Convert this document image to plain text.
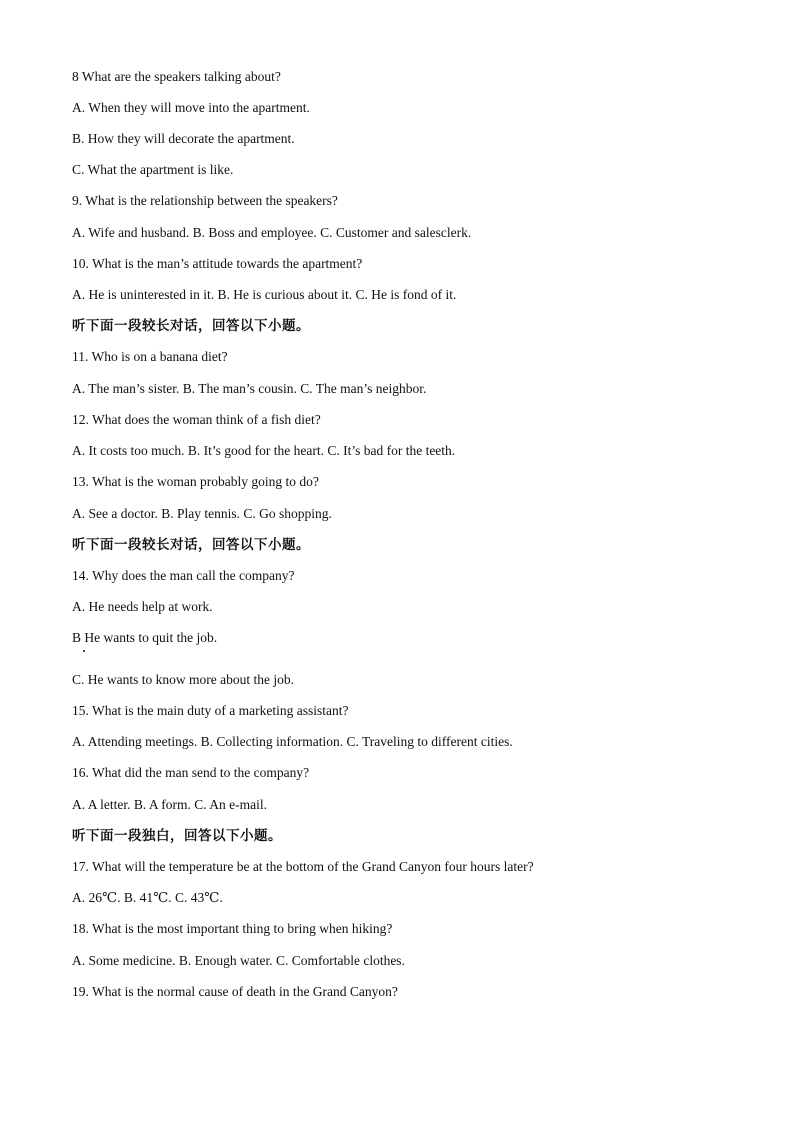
8 What are the speakers talking about?
A. When they will move into the apartment.
B. How they will decorate the apartment.
C. What the apartment is like.
9. What is the relationship between the speakers?
A. Wife and husband. B. Boss and employee. C. Customer and salesclerk.
10. What is the man’s attitude towards the apartment?
A. He is uninterested in it. B. He is curious about it. C. He is fond of it.
听下面一段较长对话，回答以下小题。
11. Who is on a banana diet?
A. The man’s sister. B. The man’s cousin. C. The man’s neighbor.
12. What does the woman think of a fish diet?
A. It costs too much. B. It’s good for the heart. C. It’s bad for the teeth.
13. What is the woman probably going to do?
A. See a doctor. B. Play tennis. C. Go shopping.
听下面一段较长对话，回答以下小题。
14. Why does the man call the company?
A. He needs help at work.
B He wants to quit the job.
C. He wants to know more about the job.
15. What is the main duty of a marketing assistant?
A. Attending meetings. B. Collecting information. C. Traveling to different cities.
16. What did the man send to the company?
A. A letter. B. A form. C. An e-mail.
听下面一段独白，回答以下小题。
17. What will the temperature be at the bottom of the Grand Canyon four hours later?
A. 26℃. B. 41℃. C. 43℃.
18. What is the most important thing to bring when hiking?
A. Some medicine. B. Enough water. C. Comfortable clothes.
19. What is the normal cause of death in the Grand Canyon?
